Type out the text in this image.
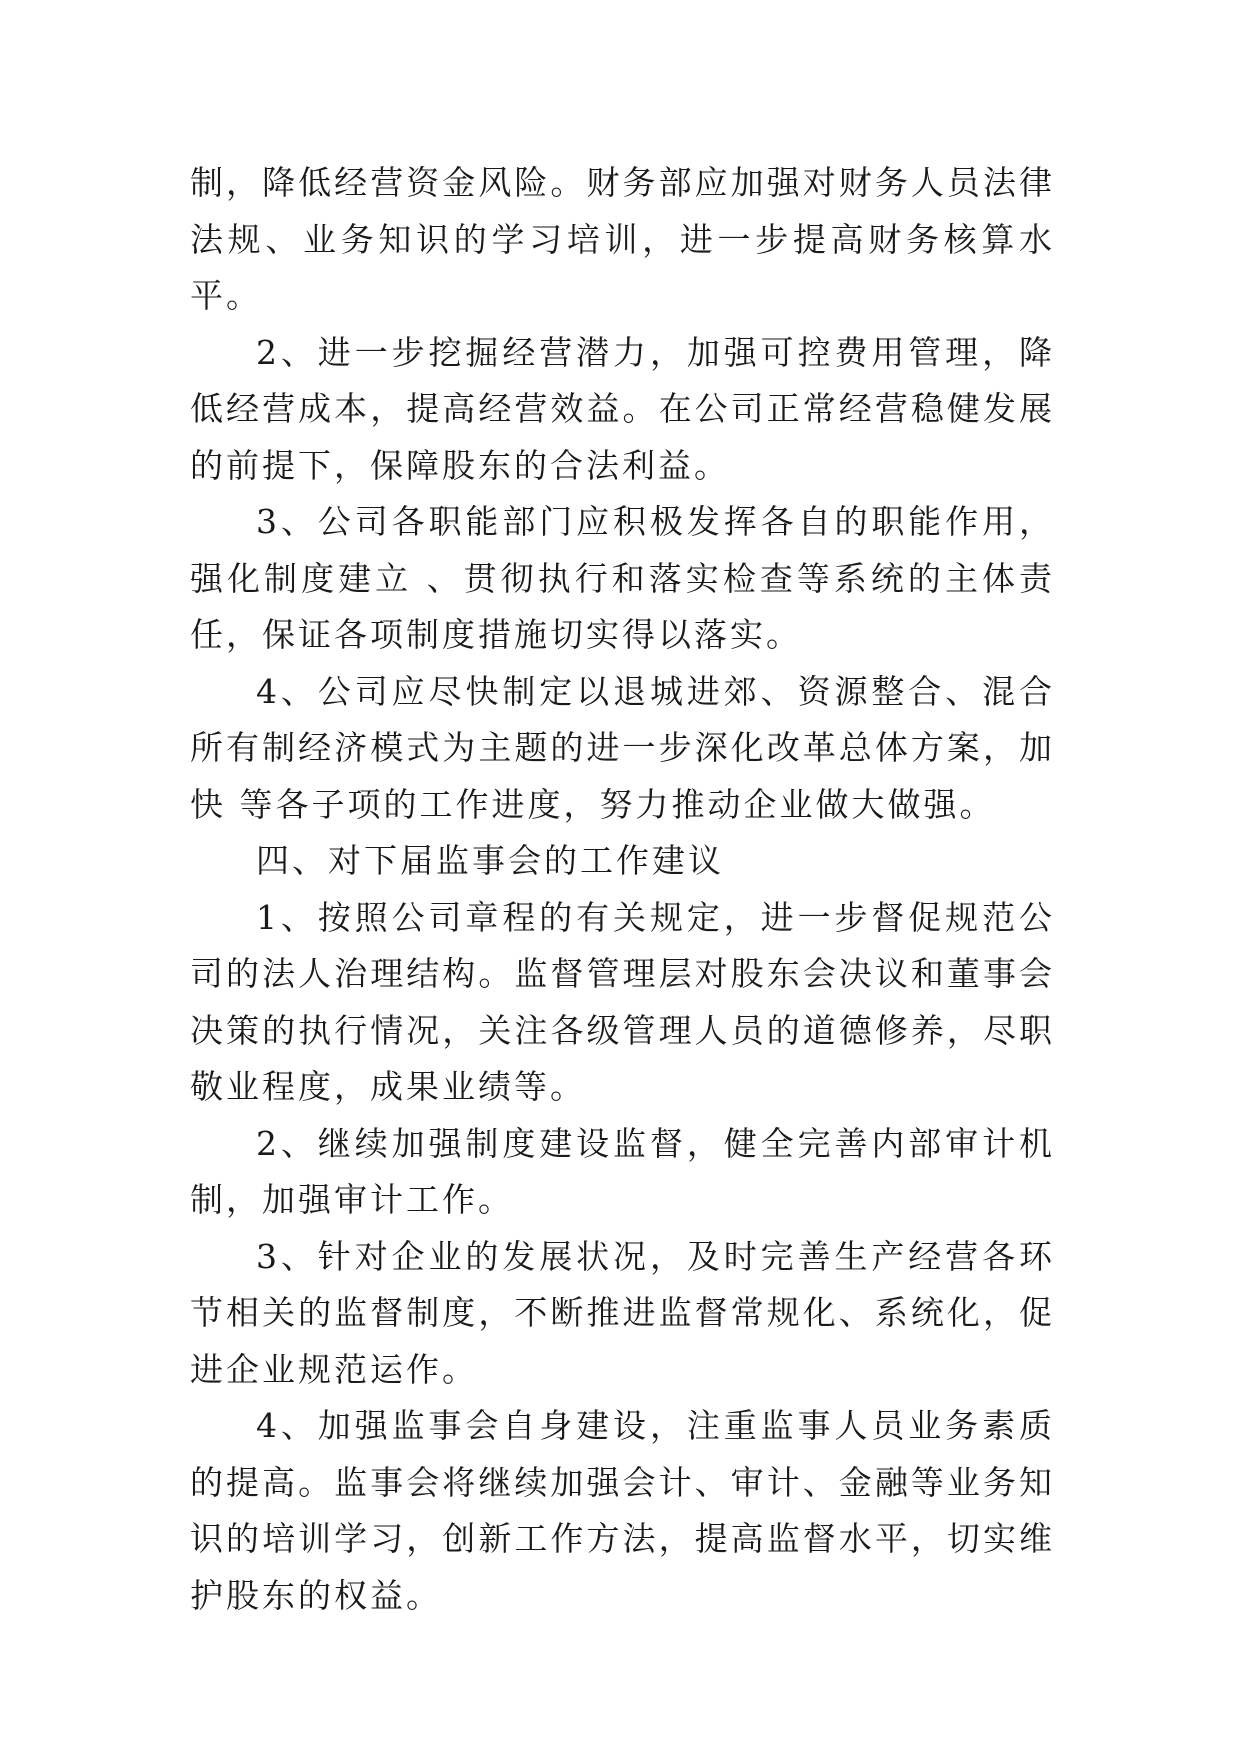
制，降低经营资金风险。财务部应加强对财务人员法律法规、业务知识的学习培训，进一步提高财务核算水平。

2、进一步挖掘经营潜力，加强可控费用管理，降低经营成本，提高经营效益。在公司正常经营稳健发展的前提下，保障股东的合法利益。

3、公司各职能部门应积极发挥各自的职能作用，强化制度建立 、贯彻执行和落实检查等系统的主体责任，保证各项制度措施切实得以落实。

4、公司应尽快制定以退城进郊、资源整合、混合所有制经济模式为主题的进一步深化改革总体方案，加快 等各子项的工作进度，努力推动企业做大做强。

四、对下届监事会的工作建议

1、按照公司章程的有关规定，进一步督促规范公司的法人治理结构。监督管理层对股东会决议和董事会决策的执行情况，关注各级管理人员的道德修养，尽职敬业程度，成果业绩等。

2、继续加强制度建设监督，健全完善内部审计机制，加强审计工作。

3、针对企业的发展状况，及时完善生产经营各环节相关的监督制度，不断推进监督常规化、系统化，促进企业规范运作。

4、加强监事会自身建设，注重监事人员业务素质的提高。监事会将继续加强会计、审计、金融等业务知识的培训学习，创新工作方法，提高监督水平，切实维护股东的权益。
